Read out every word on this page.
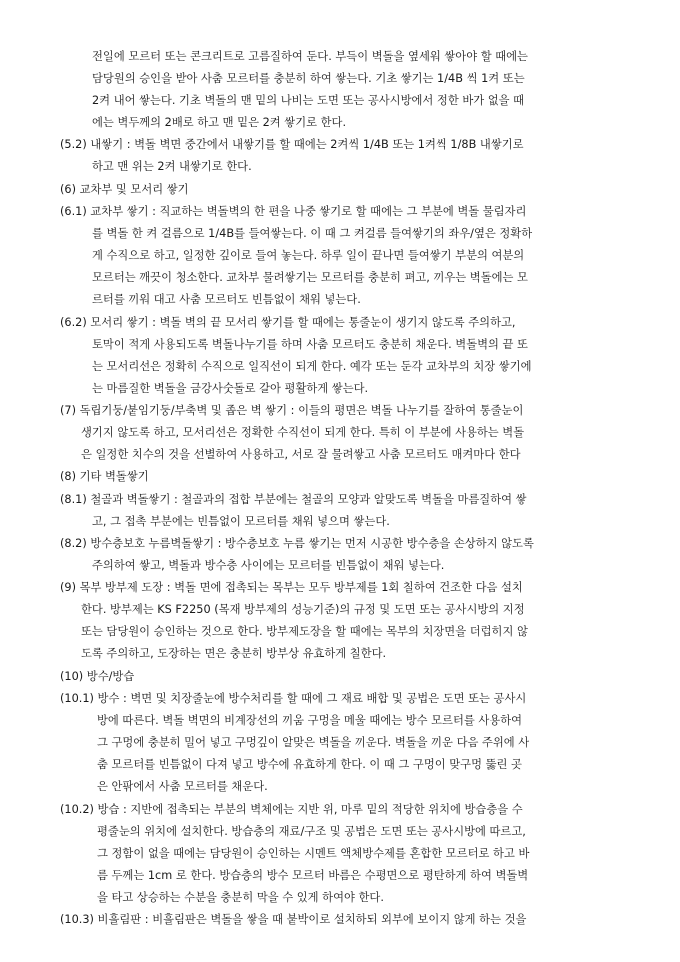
전일에 모르터 또는 콘크리트로 고름질하여 둔다. 부득이 벽돌을 옆세워 쌓아야 할 때에는
담당원의 승인을 받아 사춤 모르터를 충분히 하여 쌓는다. 기초 쌓기는 1/4B 씩 1켜 또는
2켜 내어 쌓는다. 기초 벽돌의 맨 밑의 나비는 도면 또는 공사시방에서 정한 바가 없을 때
에는 벽두께의 2배로 하고 맨 밑은 2켜 쌓기로 한다.
(5.2) 내쌓기 : 벽돌 벽면 중간에서 내쌓기를 할 때에는 2켜씩 1/4B 또는 1켜씩 1/8B 내쌓기로
하고 맨 위는 2켜 내쌓기로 한다.
(6) 교차부 및 모서리 쌓기
(6.1) 교차부 쌓기 : 직교하는 벽돌벽의 한 편을 나중 쌓기로 할 때에는 그 부분에 벽돌 물림자리
를 벽돌 한 켜 걸름으로 1/4B를 들여쌓는다. 이 때 그 켜걸름 들여쌓기의 좌우/옆은 정확하
게 수직으로 하고, 일정한 깊이로 들여 놓는다. 하루 일이 끝나면 들여쌓기 부분의 여분의
모르터는 깨끗이 청소한다. 교차부 물려쌓기는 모르터를 충분히 펴고, 끼우는 벽돌에는 모
르터를 끼워 대고 사춤 모르터도 빈틈없이 채워 넣는다.
(6.2) 모서리 쌓기 : 벽돌 벽의 끝 모서리 쌓기를 할 때에는 통줄눈이 생기지 않도록 주의하고,
토막이 적게 사용되도록 벽돌나누기를 하며 사춤 모르터도 충분히 채운다. 벽돌벽의 끝 또
는 모서리선은 정확히 수직으로 일직선이 되게 한다. 예각 또는 둔각 교차부의 치장 쌓기에
는 마름질한 벽돌을 금강사숫돌로 갈아 평활하게 쌓는다.
(7) 독립기둥/붙임기둥/부축벽 및 좁은 벽 쌓기 : 이들의 평면은 벽돌 나누기를 잘하여 통줄눈이
생기지 않도록 하고, 모서리선은 정확한 수직선이 되게 한다. 특히 이 부분에 사용하는 벽돌
은 일정한 치수의 것을 선별하여 사용하고, 서로 잘 물려쌓고 사춤 모르터도 매켜마다 한다
(8) 기타 벽돌쌓기
(8.1) 철골과 벽돌쌓기 : 철골과의 접합 부분에는 철골의 모양과 알맞도록 벽돌을 마름질하여 쌓
고, 그 접촉 부분에는 빈틈없이 모르터를 채워 넣으며 쌓는다.
(8.2) 방수층보호 누름벽돌쌓기 : 방수층보호 누름 쌓기는 먼저 시공한 방수층을 손상하지 않도록
주의하여 쌓고, 벽돌과 방수층 사이에는 모르터를 빈틈없이 채워 넣는다.
(9) 목부 방부제 도장 : 벽돌 면에 접촉되는 목부는 모두 방부제를 1회 칠하여 건조한 다음 설치
한다. 방부제는 KS F2250 (목재 방부제의 성능기준)의 규정 및 도면 또는 공사시방의 지정
또는 담당원이 승인하는 것으로 한다. 방부제도장을 할 때에는 목부의 치장면을 더럽히지 않
도록 주의하고, 도장하는 면은 충분히 방부상 유효하게 칠한다.
(10) 방수/방습
(10.1) 방수 : 벽면 및 치장줄눈에 방수처리를 할 때에 그 재료 배합 및 공법은 도면 또는 공사시
방에 따른다. 벽돌 벽면의 비계장선의 끼움 구멍을 메울 때에는 방수 모르터를 사용하여
그 구멍에 충분히 밀어 넣고 구멍깊이 알맞은 벽돌을 끼운다. 벽돌을 끼운 다음 주위에 사
춤 모르터를 빈틈없이 다져 넣고 방수에 유효하게 한다. 이 때 그 구멍이 맞구멍 뚫린 곳
은 안팎에서 사춤 모르터를 채운다.
(10.2) 방습 : 지반에 접촉되는 부분의 벽체에는 지반 위, 마루 밑의 적당한 위치에 방습층을 수
평줄눈의 위치에 설치한다. 방습층의 재료/구조 및 공법은 도면 또는 공사시방에 따르고,
그 정함이 없을 때에는 담당원이 승인하는 시멘트 액체방수제를 혼합한 모르터로 하고 바
름 두께는 1cm 로 한다. 방습층의 방수 모르터 바름은 수평면으로 평탄하게 하여 벽돌벽
을 타고 상승하는 수분을 충분히 막을 수 있게 하여야 한다.
(10.3) 비흘림판 : 비흘림판은 벽돌을 쌓을 때 붙박이로 설치하되 외부에 보이지 않게 하는 것을
